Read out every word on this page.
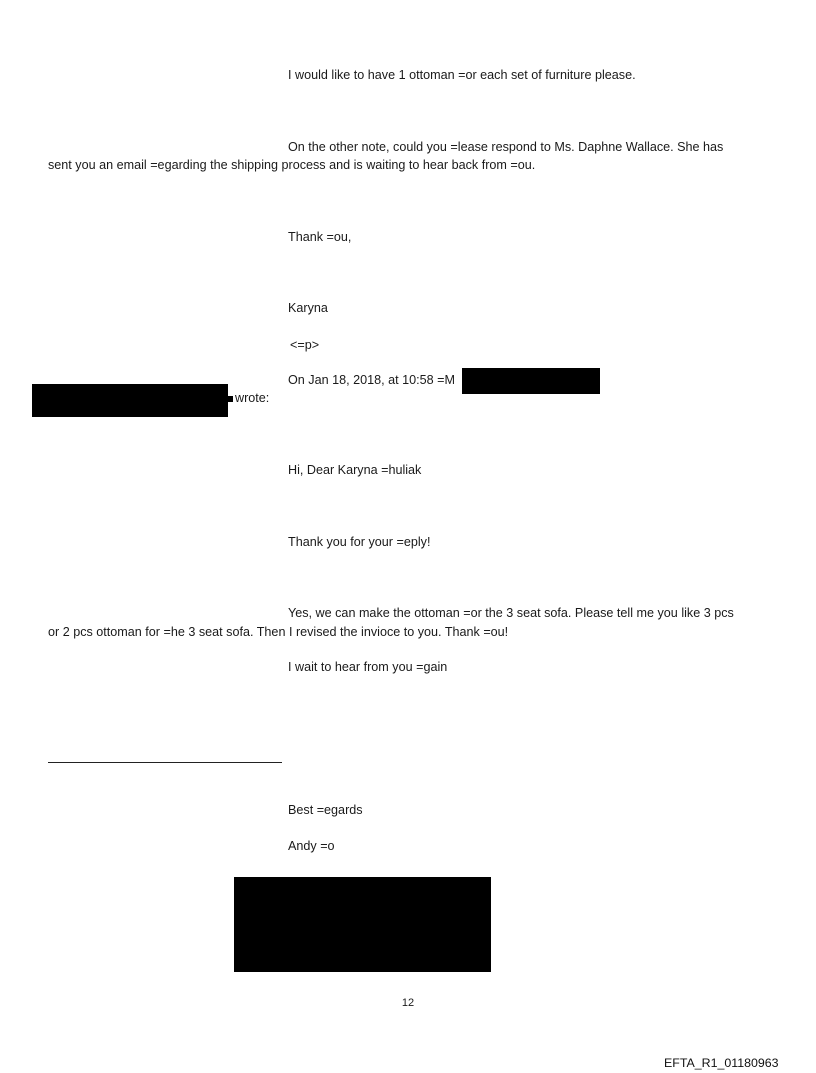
I would like to have 1 ottoman =or each set of furniture please.

On the other note, could you =lease respond to Ms. Daphne Wallace. She has

sent you an email =egarding the shipping process and is waiting to hear back from =ou.

Thank =ou,

Karyna

<=p>

On Jan 18, 2018, at 10:58 =M

wrote:

Hi, Dear Karyna =huliak

Thank you for your =eply!

Yes, we can make the ottoman =or the 3 seat sofa. Please tell me you like 3 pcs

or 2 pcs ottoman for =he 3 seat sofa. Then I revised the invioce to you. Thank =ou!

I wait to hear from you =gain

Best =egards

Andy =o

12
EFTA_R1_01180963
